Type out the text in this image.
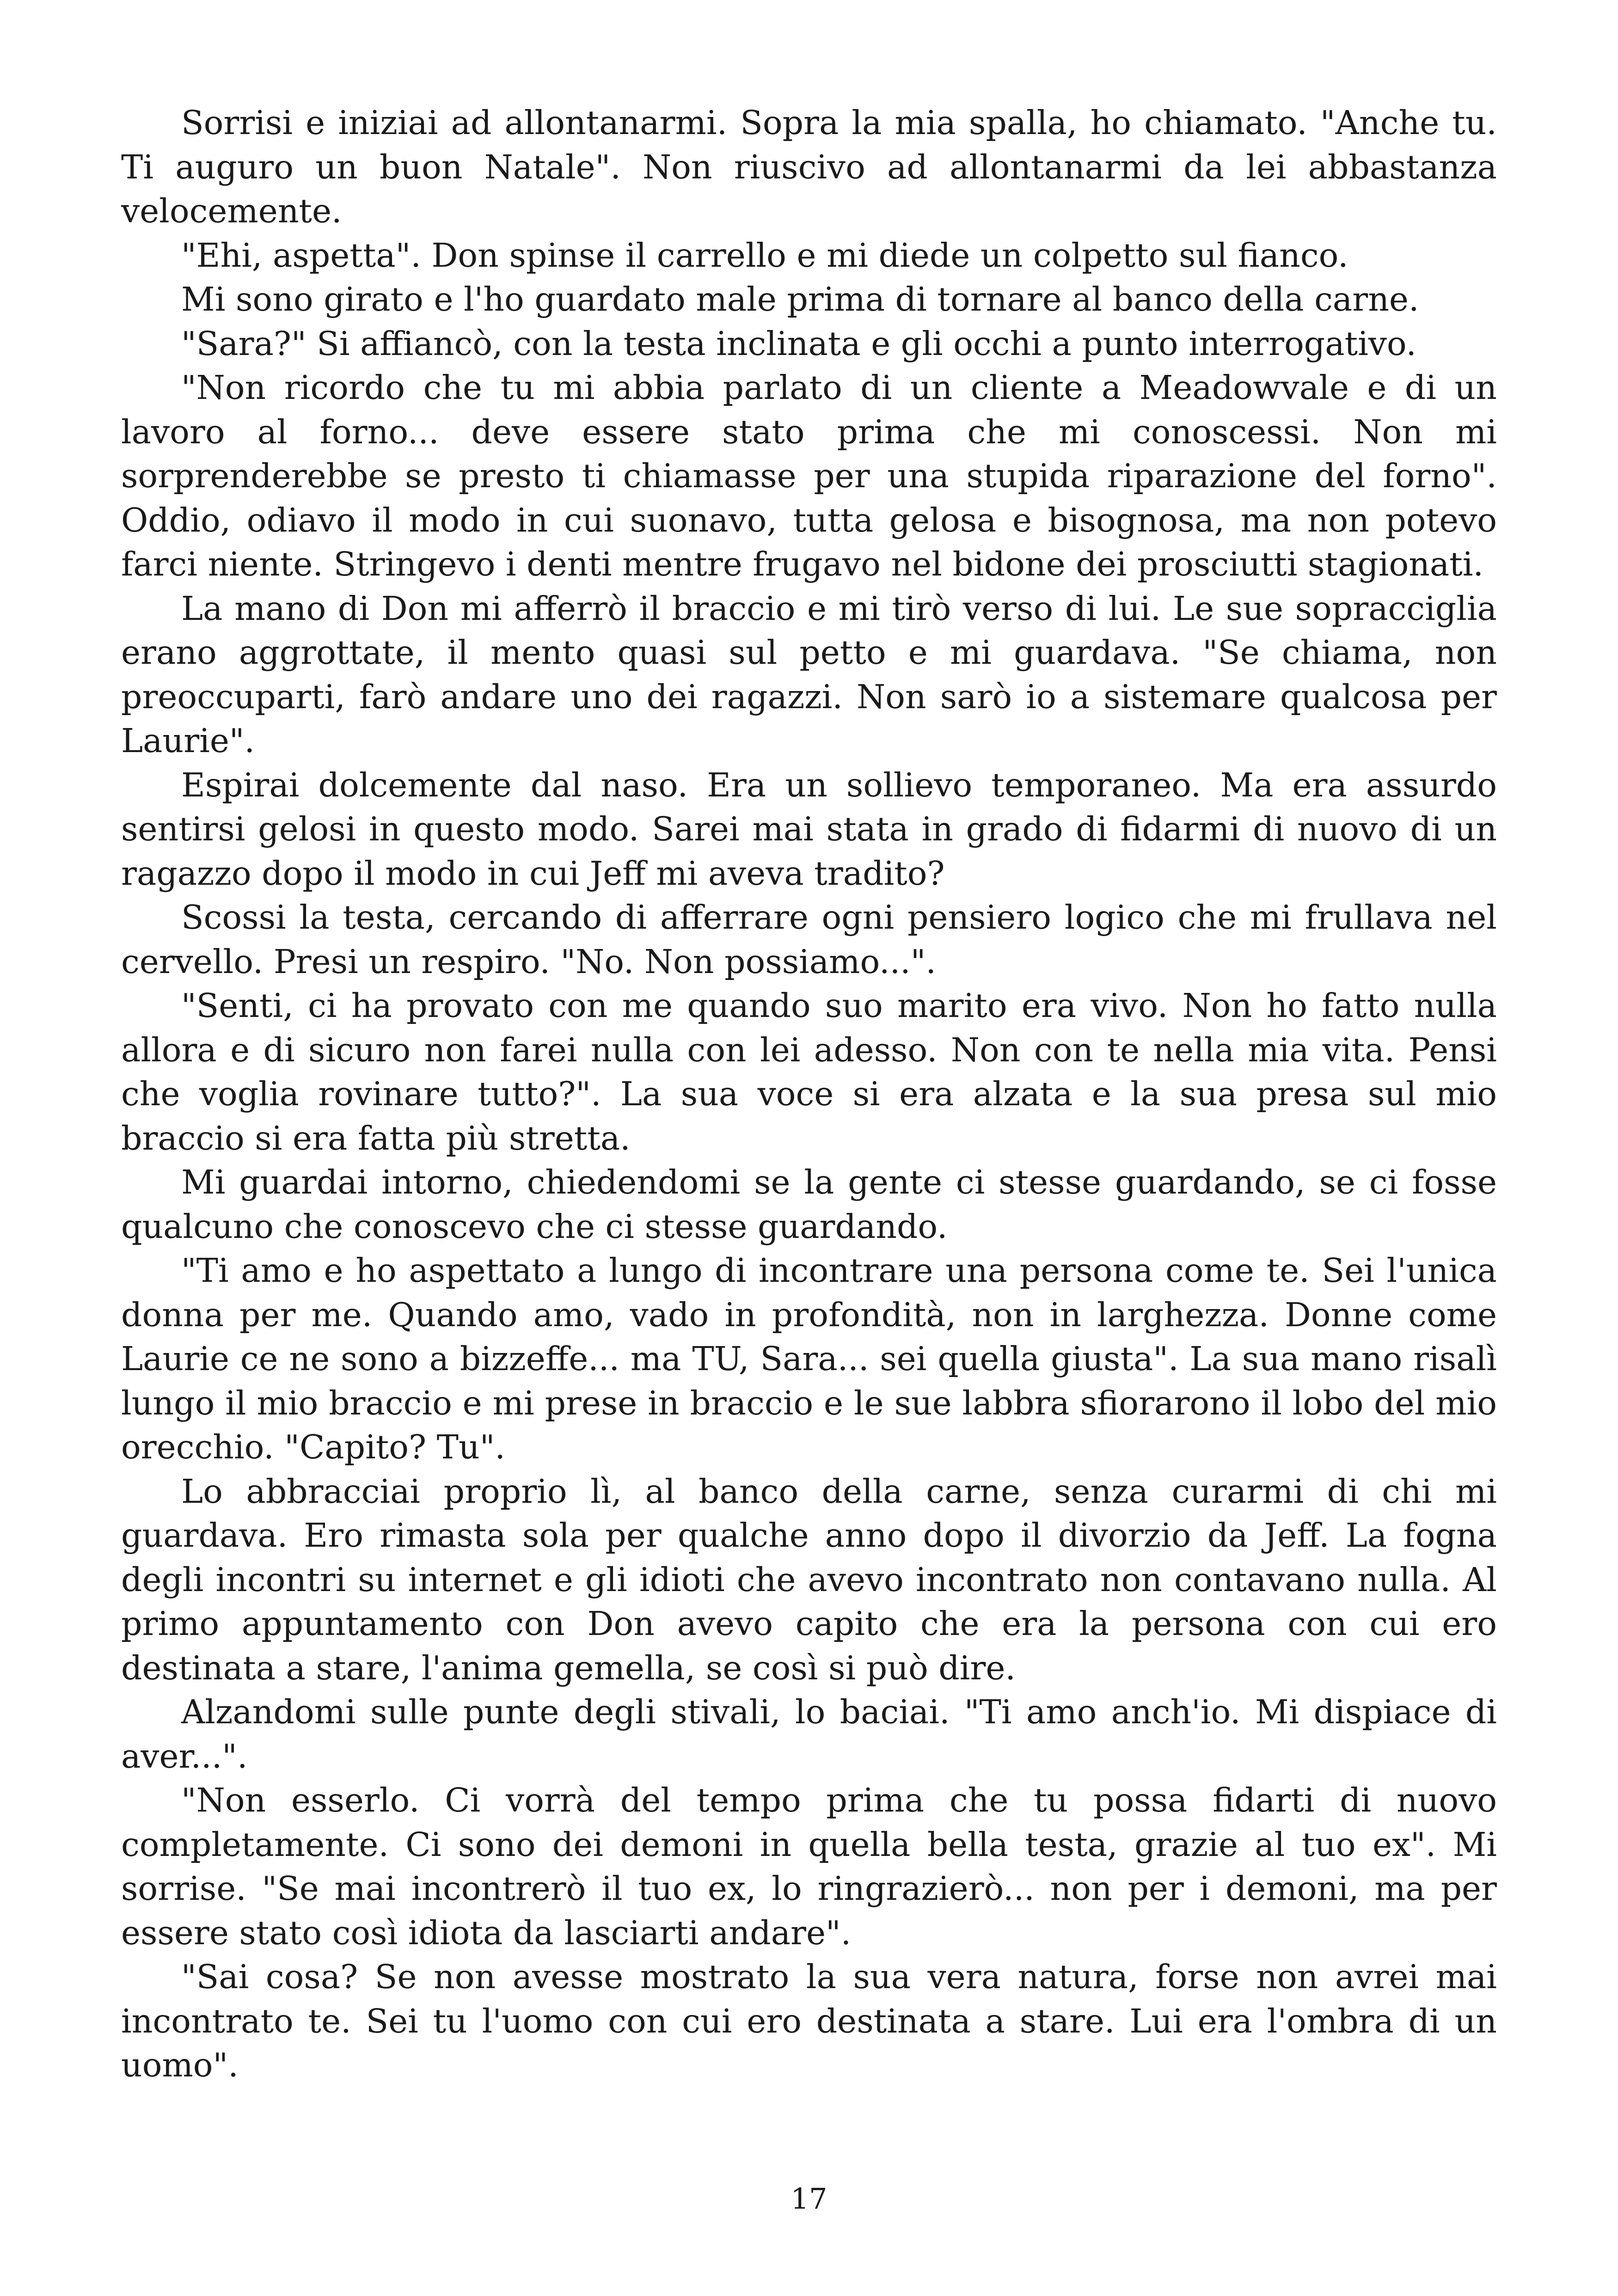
Sorrisi e iniziai ad allontanarmi. Sopra la mia spalla, ho chiamato. "Anche tu. Ti auguro un buon Natale". Non riuscivo ad allontanarmi da lei abbastanza velocemente.

"Ehi, aspetta". Don spinse il carrello e mi diede un colpetto sul fianco.

Mi sono girato e l'ho guardato male prima di tornare al banco della carne.

"Sara?" Si affiancò, con la testa inclinata e gli occhi a punto interrogativo.

"Non ricordo che tu mi abbia parlato di un cliente a Meadowvale e di un lavoro al forno... deve essere stato prima che mi conoscessi. Non mi sorprenderebbe se presto ti chiamasse per una stupida riparazione del forno". Oddio, odiavo il modo in cui suonavo, tutta gelosa e bisognosa, ma non potevo farci niente. Stringevo i denti mentre frugavo nel bidone dei prosciutti stagionati.

La mano di Don mi afferrò il braccio e mi tirò verso di lui. Le sue sopracciglia erano aggrottate, il mento quasi sul petto e mi guardava. "Se chiama, non preoccuparti, farò andare uno dei ragazzi. Non sarò io a sistemare qualcosa per Laurie".

Espirai dolcemente dal naso. Era un sollievo temporaneo. Ma era assurdo sentirsi gelosi in questo modo. Sarei mai stata in grado di fidarmi di nuovo di un ragazzo dopo il modo in cui Jeff mi aveva tradito?

Scossi la testa, cercando di afferrare ogni pensiero logico che mi frullava nel cervello. Presi un respiro. "No. Non possiamo...".

"Senti, ci ha provato con me quando suo marito era vivo. Non ho fatto nulla allora e di sicuro non farei nulla con lei adesso. Non con te nella mia vita. Pensi che voglia rovinare tutto?". La sua voce si era alzata e la sua presa sul mio braccio si era fatta più stretta.

Mi guardai intorno, chiedendomi se la gente ci stesse guardando, se ci fosse qualcuno che conoscevo che ci stesse guardando.

"Ti amo e ho aspettato a lungo di incontrare una persona come te. Sei l'unica donna per me. Quando amo, vado in profondità, non in larghezza. Donne come Laurie ce ne sono a bizzeffe... ma TU, Sara... sei quella giusta". La sua mano risalì lungo il mio braccio e mi prese in braccio e le sue labbra sfiorarono il lobo del mio orecchio. "Capito? Tu".

Lo abbracciai proprio lì, al banco della carne, senza curarmi di chi mi guardava. Ero rimasta sola per qualche anno dopo il divorzio da Jeff. La fogna degli incontri su internet e gli idioti che avevo incontrato non contavano nulla. Al primo appuntamento con Don avevo capito che era la persona con cui ero destinata a stare, l'anima gemella, se così si può dire.

Alzandomi sulle punte degli stivali, lo baciai. "Ti amo anch'io. Mi dispiace di aver...".

"Non esserlo. Ci vorrà del tempo prima che tu possa fidarti di nuovo completamente. Ci sono dei demoni in quella bella testa, grazie al tuo ex". Mi sorrise. "Se mai incontrerò il tuo ex, lo ringrazierò... non per i demoni, ma per essere stato così idiota da lasciarti andare".

"Sai cosa? Se non avesse mostrato la sua vera natura, forse non avrei mai incontrato te. Sei tu l'uomo con cui ero destinata a stare. Lui era l'ombra di un uomo".

17
